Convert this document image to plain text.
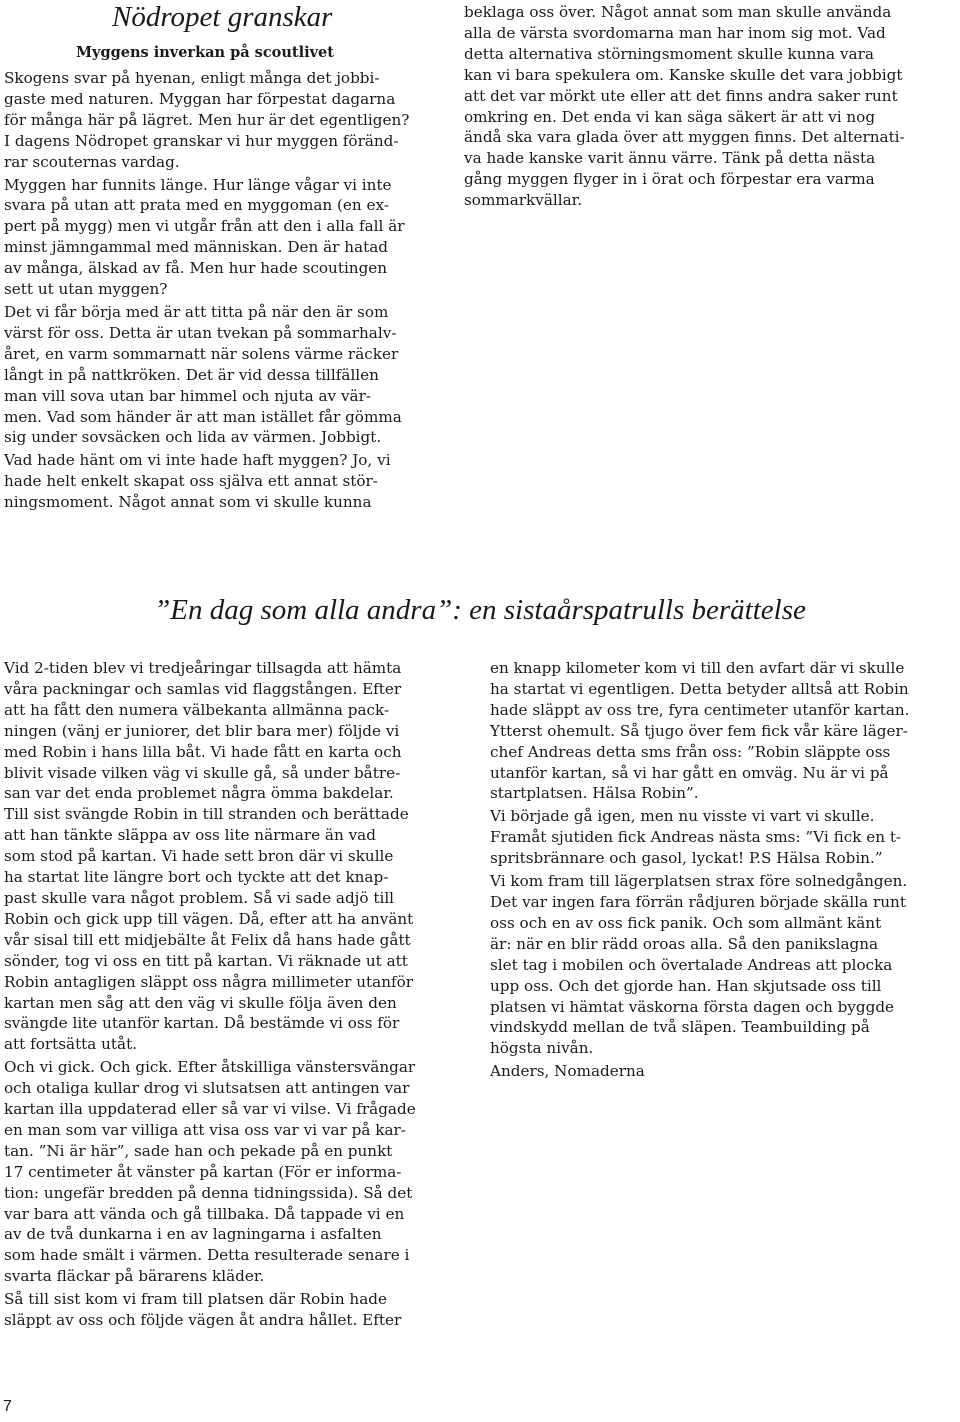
Nödropet granskar
Myggens inverkan på scoutlivet

Skogens svar på hyenan, enligt många det jobbi-
gaste med naturen. Myggan har förpestat dagarna
för många här på lägret. Men hur är det egentligen?
I dagens Nödropet granskar vi hur myggen föränd-
rar scouternas vardag.

Myggen har funnits länge. Hur länge vågar vi inte
svara på utan att prata med en myggoman (en ex-
pert på mygg) men vi utgår från att den i alla fall är
minst jämngammal med människan. Den är hatad
av många, älskad av få. Men hur hade scoutingen
sett ut utan myggen?

Det vi får börja med är att titta på när den är som
värst för oss. Detta är utan tvekan på sommarhalv-
året, en varm sommarnatt när solens värme räcker
långt in på nattkröken. Det är vid dessa tillfällen
man vill sova utan bar himmel och njuta av vär-
men. Vad som händer är att man istället får gömma
sig under sovsäcken och lida av värmen. Jobbigt.

Vad hade hänt om vi inte hade haft myggen? Jo, vi
hade helt enkelt skapat oss själva ett annat stör-
ningsmoment. Något annat som vi skulle kunna

beklaga oss över. Något annat som man skulle använda
alla de värsta svordomarna man har inom sig mot. Vad
detta alternativa störningsmoment skulle kunna vara
kan vi bara spekulera om. Kanske skulle det vara jobbigt
att det var mörkt ute eller att det finns andra saker runt
omkring en. Det enda vi kan säga säkert är att vi nog
ändå ska vara glada över att myggen finns. Det alternati-
va hade kanske varit ännu värre. Tänk på detta nästa
gång myggen flyger in i örat och förpestar era varma
sommarkvällar.

”En dag som alla andra”: en sistaårspatrulls berättelse

Vid 2-tiden blev vi tredjeåringar tillsagda att hämta
våra packningar och samlas vid flaggstången. Efter
att ha fått den numera välbekanta allmänna pack-
ningen (vänj er juniorer, det blir bara mer) följde vi
med Robin i hans lilla båt. Vi hade fått en karta och
blivit visade vilken väg vi skulle gå, så under båtre-
san var det enda problemet några ömma bakdelar.
Till sist svängde Robin in till stranden och berättade
att han tänkte släppa av oss lite närmare än vad
som stod på kartan. Vi hade sett bron där vi skulle
ha startat lite längre bort och tyckte att det knap-
past skulle vara något problem. Så vi sade adjö till
Robin och gick upp till vägen. Då, efter att ha använt
vår sisal till ett midjebälte åt Felix då hans hade gått
sönder, tog vi oss en titt på kartan. Vi räknade ut att
Robin antagligen släppt oss några millimeter utanför
kartan men såg att den väg vi skulle följa även den
svängde lite utanför kartan. Då bestämde vi oss för
att fortsätta utåt.

Och vi gick. Och gick. Efter åtskilliga vänstersvängar
och otaliga kullar drog vi slutsatsen att antingen var
kartan illa uppdaterad eller så var vi vilse. Vi frågade
en man som var villiga att visa oss var vi var på kar-
tan. ”Ni är här”, sade han och pekade på en punkt
17 centimeter åt vänster på kartan (För er informa-
tion: ungefär bredden på denna tidningssida). Så det
var bara att vända och gå tillbaka. Då tappade vi en
av de två dunkarna i en av lagningarna i asfalten
som hade smält i värmen. Detta resulterade senare i
svarta fläckar på bärarens kläder.

Så till sist kom vi fram till platsen där Robin hade
släppt av oss och följde vägen åt andra hållet. Efter

en knapp kilometer kom vi till den avfart där vi skulle
ha startat vi egentligen. Detta betyder alltså att Robin
hade släppt av oss tre, fyra centimeter utanför kartan.
Ytterst ohemult. Så tjugo över fem fick vår käre läger-
chef Andreas detta sms från oss: ”Robin släppte oss
utanför kartan, så vi har gått en omväg. Nu är vi på
startplatsen. Hälsa Robin”.

Vi började gå igen, men nu visste vi vart vi skulle.
Framåt sjutiden fick Andreas nästa sms: ”Vi fick en t-
spritsbrännare och gasol, lyckat! P.S Hälsa Robin.”

Vi kom fram till lägerplatsen strax före solnedgången.
Det var ingen fara förrän rådjuren började skälla runt
oss och en av oss fick panik. Och som allmänt känt
är: när en blir rädd oroas alla. Så den panikslagna
slet tag i mobilen och övertalade Andreas att plocka
upp oss. Och det gjorde han. Han skjutsade oss till
platsen vi hämtat väskorna första dagen och byggde
vindskydd mellan de två släpen. Teambuilding på
högsta nivån.

Anders, Nomaderna

7
